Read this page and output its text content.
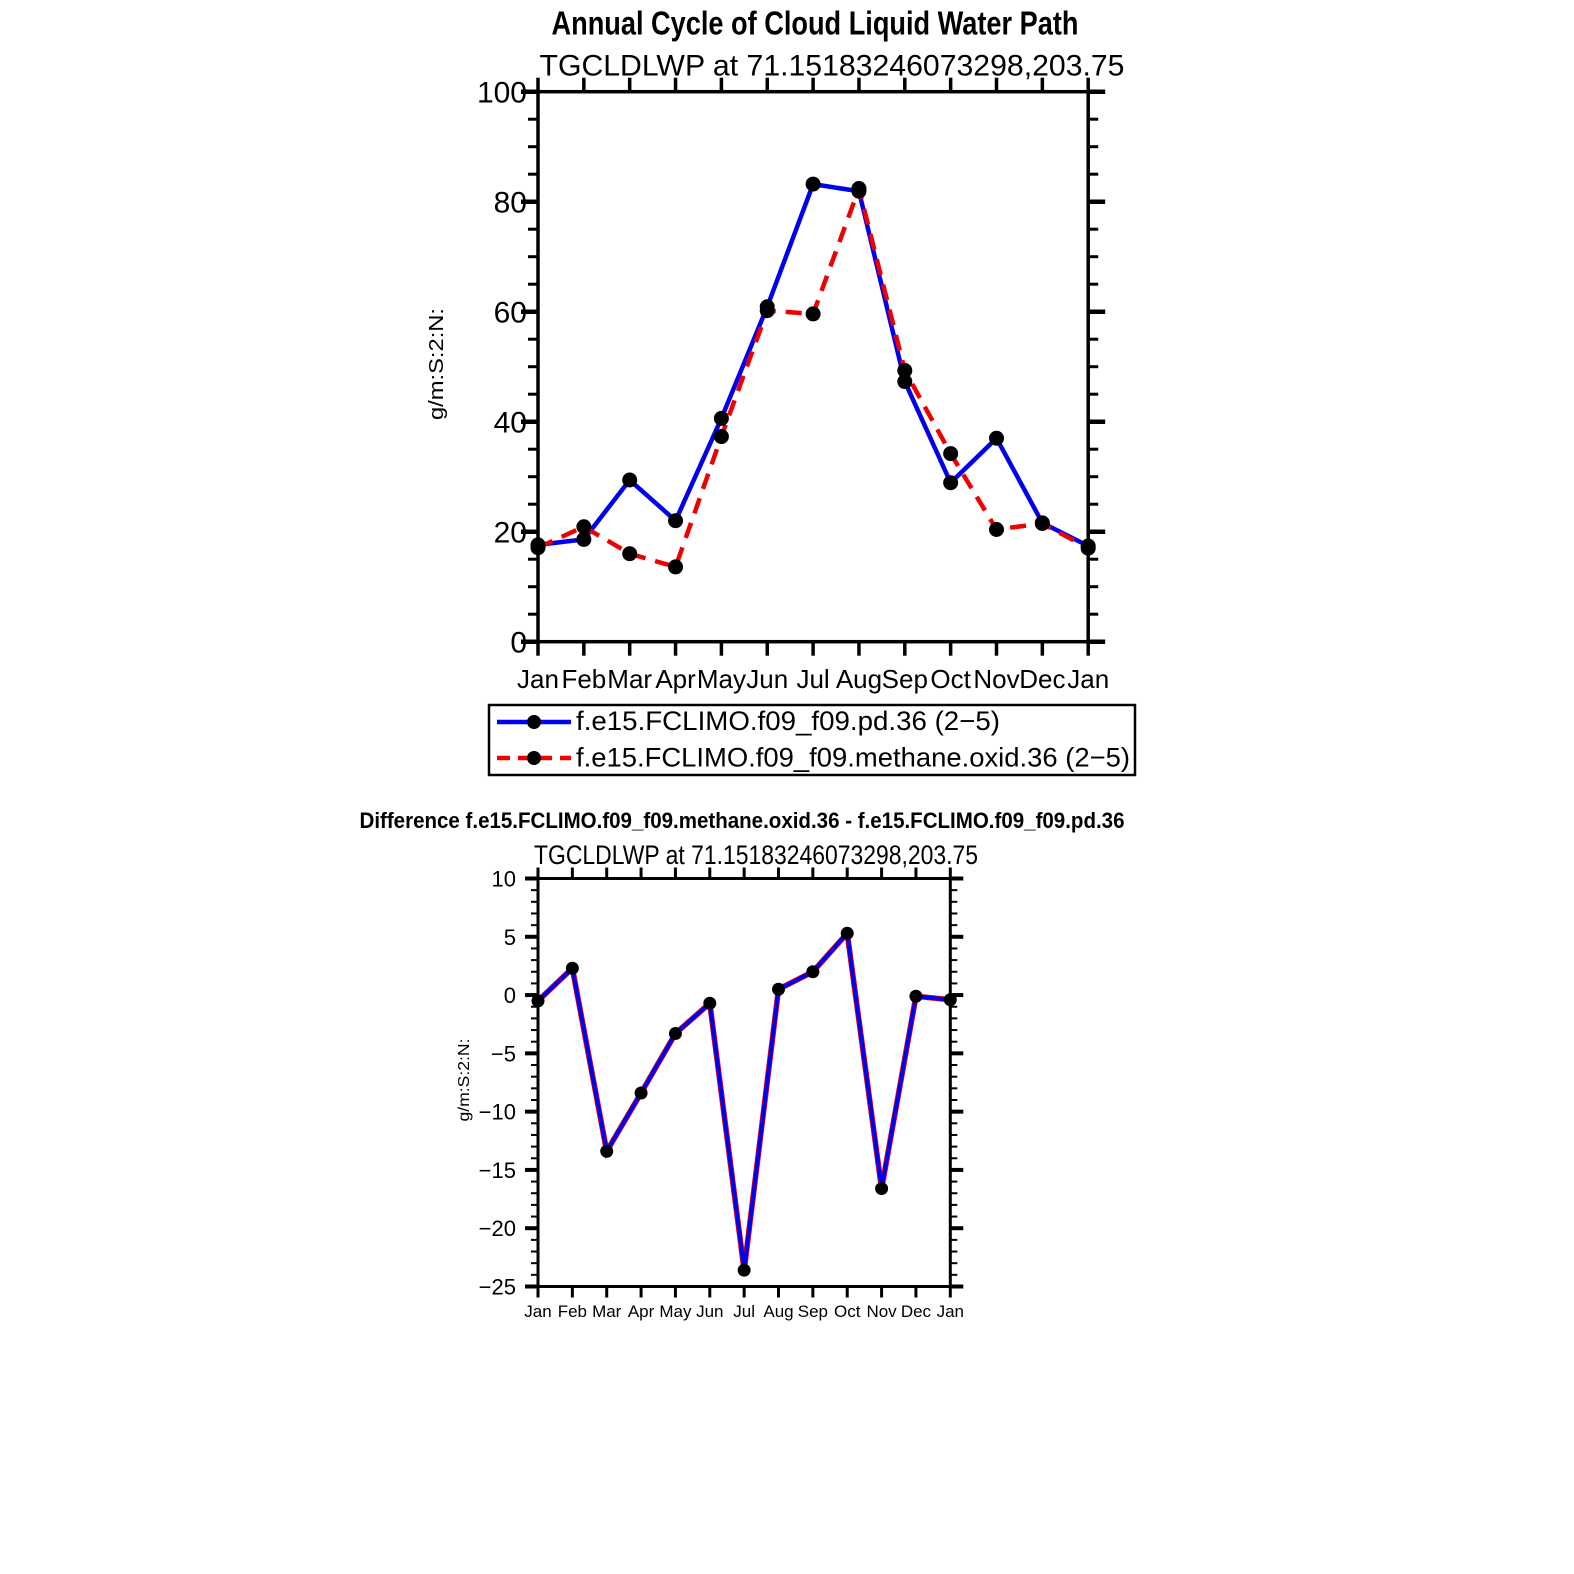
Annual Cycle of Cloud Liquid Water Path
TGCLDLWP at 71.15183246073298,203.75
g/m:S:2:N:
Jan Feb Mar Apr May Jun Jul Aug Sep Oct Nov Dec Jan
0
20
40
60
80
100
f.e15.FCLIMO.f09_f09.pd.36 (2−5)
f.e15.FCLIMO.f09_f09.methane.oxid.36 (2−5)
Difference f.e15.FCLIMO.f09_f09.methane.oxid.36 - f.e15.FCLIMO.f09_f09.pd.36
TGCLDLWP at 71.15183246073298,203.75
g/m:S:2:N:
Jan Feb Mar Apr May Jun Jul Aug Sep Oct Nov Dec Jan
−25
−20
−15
−10
−5
0
5
10
